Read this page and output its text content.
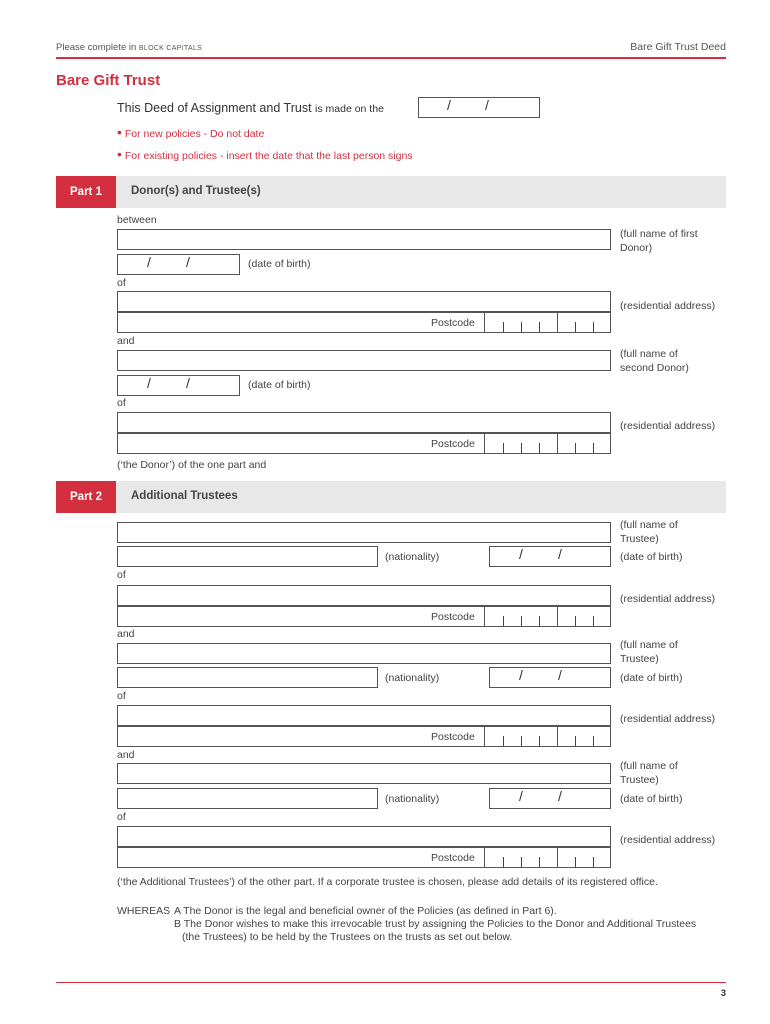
Please complete in BLOCK CAPITALS	Bare Gift Trust Deed
Bare Gift Trust
This Deed of Assignment and Trust is made on the	/ /
• For new policies - Do not date
• For existing policies - insert the date that the last person signs
Part 1	Donor(s) and Trustee(s)
between
(full name of first Donor)
/	/	(date of birth)
of
Postcode
(residential address)
and
(full name of second Donor)
/	/	(date of birth)
of
Postcode
(residential address)
(‘the Donor’) of the one part and
Part 2	Additional Trustees
(full name of Trustee)
(nationality)	/	/	(date of birth)
of
Postcode
(residential address)
and
(full name of Trustee)
(nationality)	/	/	(date of birth)
of
Postcode
(residential address)
and
(full name of Trustee)
(nationality)	/	/	(date of birth)
of
Postcode
(residential address)
(‘the Additional Trustees’) of the other part. If a corporate trustee is chosen, please add details of its registered office.
WHEREAS A The Donor is the legal and beneficial owner of the Policies (as defined in Part 6).
B The Donor wishes to make this irrevocable trust by assigning the Policies to the Donor and Additional Trustees
(the Trustees) to be held by the Trustees on the trusts as set out below.
3
